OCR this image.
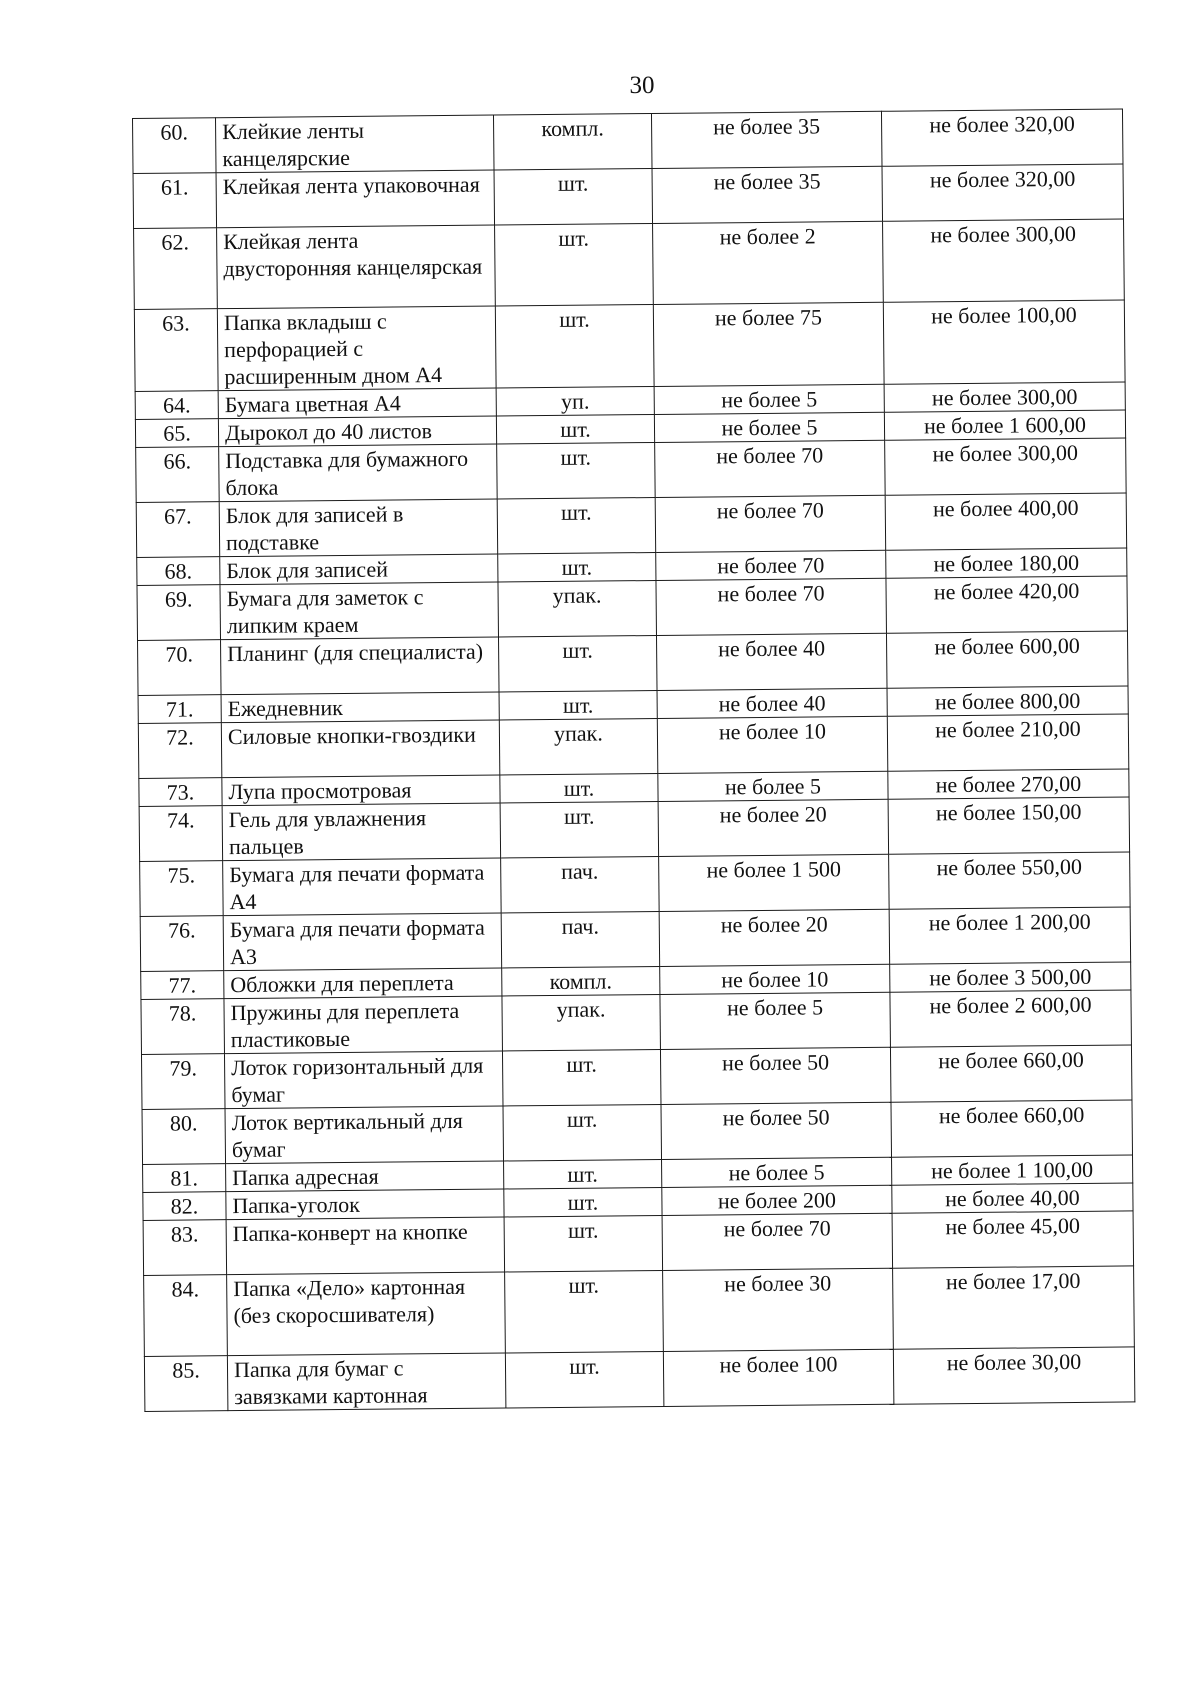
30
60.	Клейкие ленты канцелярские	компл.	не более 35	не более 320,00
61.	Клейкая лента упаковочная	шт.	не более 35	не более 320,00
62.	Клейкая лента двусторонняя канцелярская	шт.	не более 2	не более 300,00
63.	Папка вкладыш с перфорацией с расширенным дном А4	шт.	не более 75	не более 100,00
64.	Бумага цветная А4	уп.	не более 5	не более 300,00
65.	Дырокол до 40 листов	шт.	не более 5	не более 1 600,00
66.	Подставка для бумажного блока	шт.	не более 70	не более 300,00
67.	Блок для записей в подставке	шт.	не более 70	не более 400,00
68.	Блок для записей	шт.	не более 70	не более 180,00
69.	Бумага для заметок с липким краем	упак.	не более 70	не более 420,00
70.	Планинг (для специалиста)	шт.	не более 40	не более 600,00
71.	Ежедневник	шт.	не более 40	не более 800,00
72.	Силовые кнопки-гвоздики	упак.	не более 10	не более 210,00
73.	Лупа просмотровая	шт.	не более 5	не более 270,00
74.	Гель для увлажнения пальцев	шт.	не более 20	не более 150,00
75.	Бумага для печати формата А4	пач.	не более 1 500	не более 550,00
76.	Бумага для печати формата А3	пач.	не более 20	не более 1 200,00
77.	Обложки для переплета	компл.	не более 10	не более 3 500,00
78.	Пружины для переплета пластиковые	упак.	не более 5	не более 2 600,00
79.	Лоток горизонтальный для бумаг	шт.	не более 50	не более 660,00
80.	Лоток вертикальный для бумаг	шт.	не более 50	не более 660,00
81.	Папка адресная	шт.	не более 5	не более 1 100,00
82.	Папка-уголок	шт.	не более 200	не более 40,00
83.	Папка-конверт на кнопке	шт.	не более 70	не более 45,00
84.	Папка «Дело» картонная (без скоросшивателя)	шт.	не более 30	не более 17,00
85.	Папка для бумаг с завязками картонная	шт.	не более 100	не более 30,00
